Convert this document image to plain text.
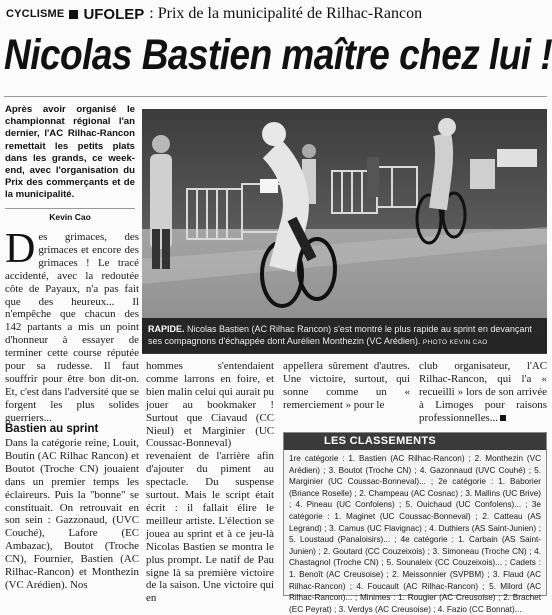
CYCLISME UFOLEP : Prix de la municipalité de Rilhac-Rancon
Nicolas Bastien maître chez lui !
Après avoir organisé le championnat régional l'an dernier, l'AC Rilhac-Rancon remettait les petits plats dans les grands, ce week-end, avec l'organisation du Prix des commerçants et de la municipalité.
Kevin Cao
RAPIDE. Nicolas Bastien (AC Rilhac Rancon) s'est montré le plus rapide au sprint en devançant ses compagnons d'échappée dont Aurélien Monthezin (VC Arédien). PHOTO KEVIN CAO
D es grimaces, des grimaces et encore des grimaces ! Le tracé accidenté, avec la redoutée côte de Payaux, n'a pas fait que des heureux... Il n'empêche que chacun des 142 partants a mis un point d'honneur à essayer de terminer cette course réputée pour sa rudesse. Il faut souffrir pour être bon dit-on. Et, c'est dans l'adversité que se forgent les plus solides guerriers...
Bastien au sprint
Dans la catégorie reine, Louit, Boutin (AC Rilhac Rancon) et Boutot (Troche CN) jouaient dans un premier temps les éclaireurs. Puis la "bonne" se constituait. On retrouvait en son sein : Gazzonaud, (UVC Couché), Lafore (EC Ambazac), Boutot (Troche CN), Fournier, Bastien (AC Rilhac-Rancon) et Monthezin (VC Arédien). Nos
hommes s'entendaient comme larrons en foire, et bien malin celui qui aurait pu jouer au bookmaker ! Surtout que Ciavaud (CC Nieul) et Marginier (UC Coussac-Bonneval) revenaient de l'arrière afin d'ajouter du piment au spectacle. Du suspense surtout. Mais le script était écrit : il fallait élire le meilleur artiste. L'élection se jouea au sprint et à ce jeu-là Nicolas Bastien se montra le plus prompt. Le natif de Pau signe là sa première victoire de la saison. Une victoire qui en
appellera sûrement d'autres. Une victoire, surtout, qui sonne comme un « remerciement » pour le
club organisateur, l'AC Rilhac-Rancon, qui l'a « recueilli » lors de son arrivée à Limoges pour raisons professionnelles...
LES CLASSEMENTS
1re catégorie : 1. Bastien (AC Rilhac-Rancon) ; 2. Monthezin (VC Arédien) ; 3. Boutot (Troche CN) ; 4. Gazonnaud (UVC Couhé) ; 5. Marginier (UC Coussac-Bonneval)... ; 2e catégorie : 1. Baborier (Briance Roselle) ; 2. Champeau (AC Cosnac) ; 3. Mallins (UC Brive) ; 4. Pineau (UC Confolens) ; 5. Ouichaud (UC Confolens)... ; 3e catégorie : 1. Maginet (UC Coussac-Bonneval) ; 2. Catteau (AS Legrand) ; 3. Camus (UC Flavignac) ; 4. Duthiers (AS Saint-Junien) ; 5. Loustaud (Panaloisirs)... ; 4e catégorie : 1. Carbain (AS Saint-Junien) ; 2. Goutard (CC Couzeixois) ; 3. Simoneau (Troche CN) ; 4. Chastagnol (Troche CN) ; 5. Sounaleix (CC Couzeixois)... ; Cadets : 1. Benoît (AC Creusoise) ; 2. Meissonnier (SVPBM) ; 3. Flaud (AC Rilhac-Rancon) ; 4. Foucault (AC Rilhac-Rancon) ; 5. Milord (AC Rilhac-Rancon)... ; Minimes : 1. Rougier (AC Creusoise) ; 2. Brachet (EC Peyrat) ; 3. Verdys (AC Creusoise) ; 4. Fazio (CC Bonnat)...
